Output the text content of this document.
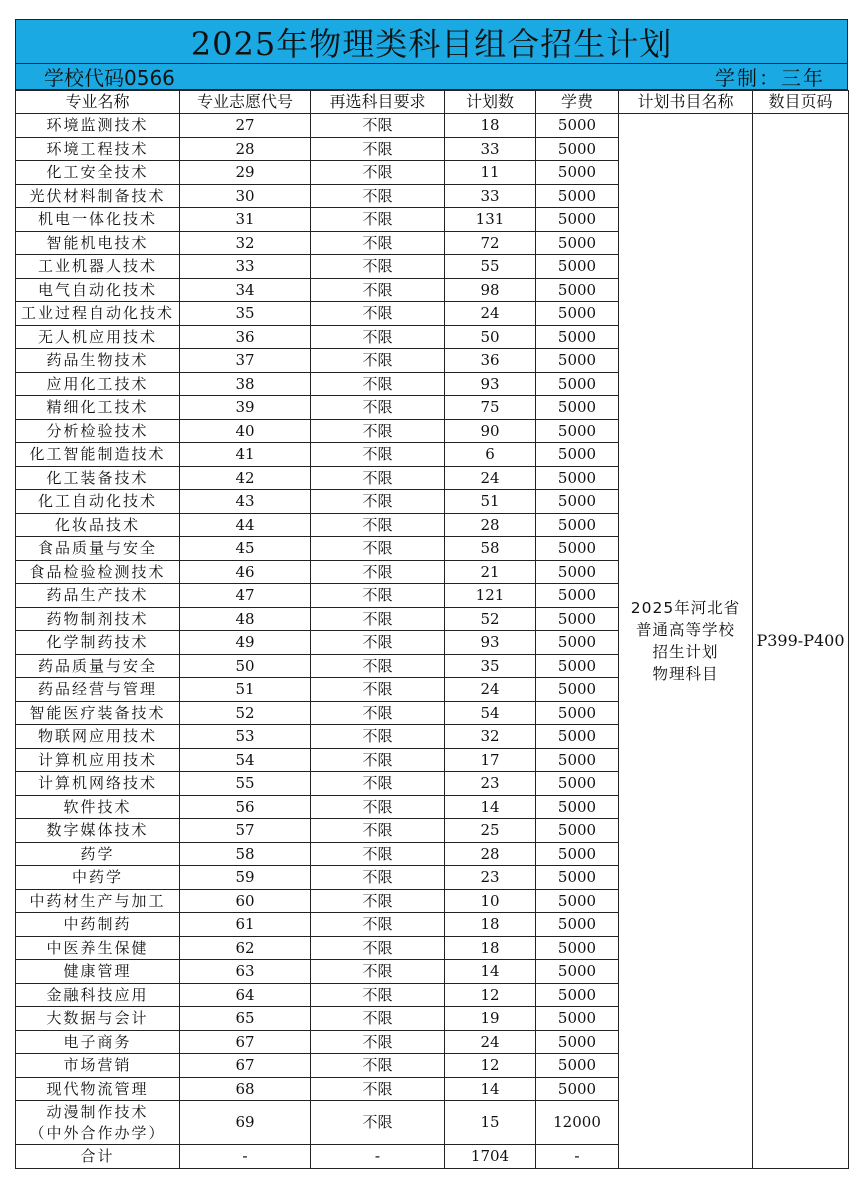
2025年物理类科目组合招生计划
学校代码0566	学制：三年
专业名称	专业志愿代号	再选科目要求	计划数	学费	计划书目名称	数目页码
环境监测技术	27	不限	18	5000	2025年河北省
普通高等学校
招生计划
物理科目	P399-P400
环境工程技术	28	不限	33	5000		
化工安全技术	29	不限	11	5000		
光伏材料制备技术	30	不限	33	5000		
机电一体化技术	31	不限	131	5000		
智能机电技术	32	不限	72	5000		
工业机器人技术	33	不限	55	5000		
电气自动化技术	34	不限	98	5000		
工业过程自动化技术	35	不限	24	5000		
无人机应用技术	36	不限	50	5000		
药品生物技术	37	不限	36	5000		
应用化工技术	38	不限	93	5000		
精细化工技术	39	不限	75	5000		
分析检验技术	40	不限	90	5000		
化工智能制造技术	41	不限	6	5000		
化工装备技术	42	不限	24	5000		
化工自动化技术	43	不限	51	5000		
化妆品技术	44	不限	28	5000		
食品质量与安全	45	不限	58	5000		
食品检验检测技术	46	不限	21	5000		
药品生产技术	47	不限	121	5000		
药物制剂技术	48	不限	52	5000		
化学制药技术	49	不限	93	5000		
药品质量与安全	50	不限	35	5000		
药品经营与管理	51	不限	24	5000		
智能医疗装备技术	52	不限	54	5000		
物联网应用技术	53	不限	32	5000		
计算机应用技术	54	不限	17	5000		
计算机网络技术	55	不限	23	5000		
软件技术	56	不限	14	5000		
数字媒体技术	57	不限	25	5000		
药学	58	不限	28	5000		
中药学	59	不限	23	5000		
中药材生产与加工	60	不限	10	5000		
中药制药	61	不限	18	5000		
中医养生保健	62	不限	18	5000		
健康管理	63	不限	14	5000		
金融科技应用	64	不限	12	5000		
大数据与会计	65	不限	19	5000		
电子商务	67	不限	24	5000		
市场营销	67	不限	12	5000		
现代物流管理	68	不限	14	5000		

动漫制作技术
（中外合作办学）	69	不限	15	12000		
合计	-	-	1704	-		
